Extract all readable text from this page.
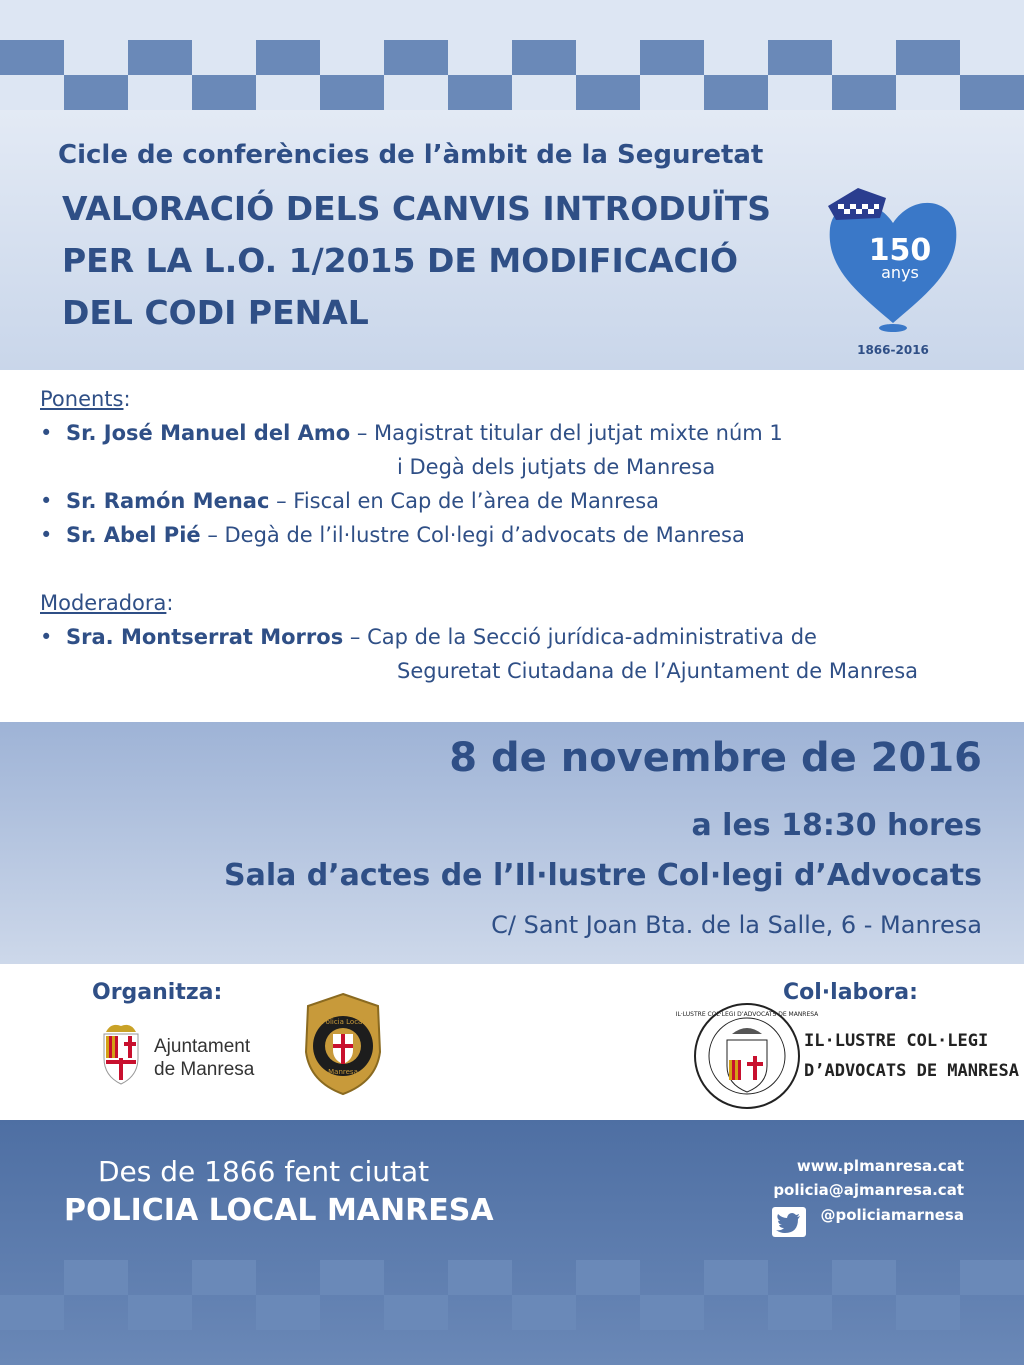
Cicle de conferències de l’àmbit de la Seguretat
VALORACIÓ DELS CANVIS INTRODUÏTS
PER LA L.O. 1/2015 DE MODIFICACIÓ
DEL CODI PENAL
150
anys
1866-2016
Ponents:
• Sr. José Manuel del Amo – Magistrat titular del jutjat mixte núm 1
i Degà dels jutjats de Manresa
• Sr. Ramón Menac – Fiscal en Cap de l’àrea de Manresa
• Sr. Abel Pié – Degà de l’il·lustre Col·legi d’advocats de Manresa
Moderadora:
• Sra. Montserrat Morros – Cap de la Secció jurídica-administrativa de
Seguretat Ciutadana de l’Ajuntament de Manresa
8 de novembre de 2016
a les 18:30 hores
Sala d’actes de l’Il·lustre Col·legi d’Advocats
C/ Sant Joan Bta. de la Salle, 6 - Manresa
Organitza:
Ajuntament
de Manresa
Policia Local
Manresa
Col·labora:
IL·LUSTRE COL·LEGI D’ADVOCATS DE MANRESA
IL·LUSTRE COL·LEGI
D’ADVOCATS DE MANRESA
Des de 1866 fent ciutat
POLICIA LOCAL MANRESA
www.plmanresa.cat
policia@ajmanresa.cat
@policiamarnesa
